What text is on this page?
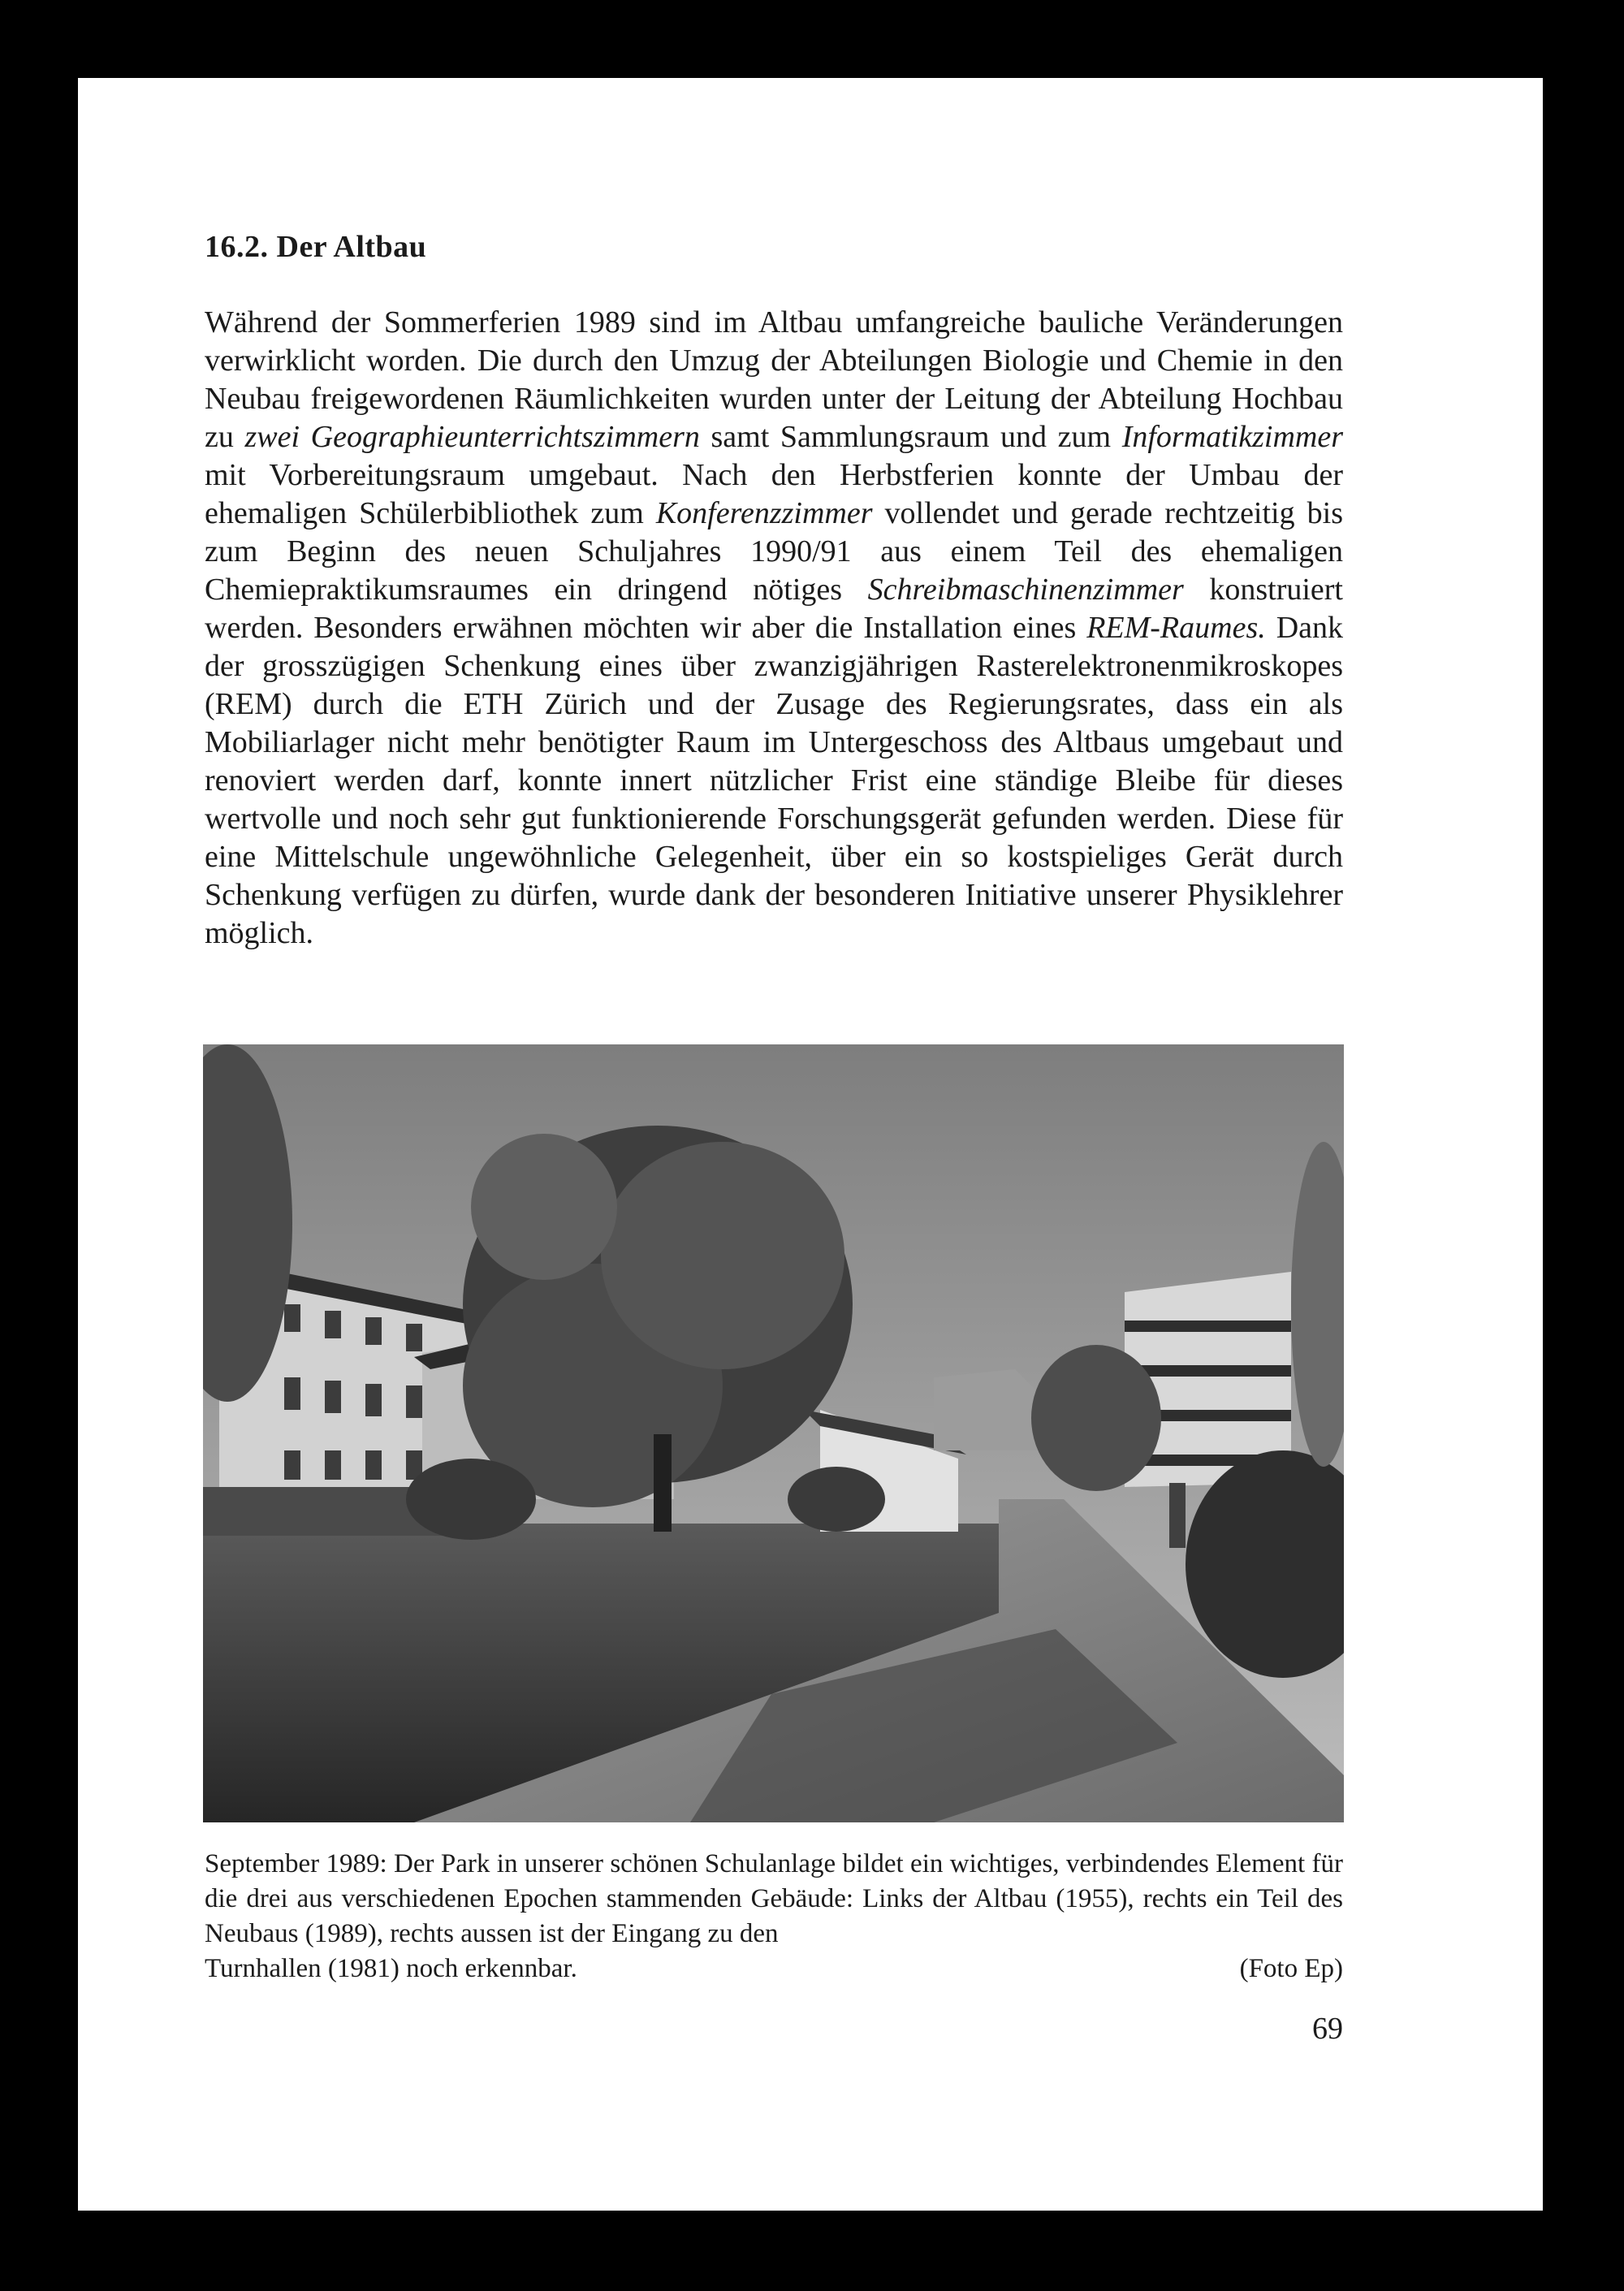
16.2. Der Altbau
Während der Sommerferien 1989 sind im Altbau umfangreiche bauliche Veränderungen verwirklicht worden. Die durch den Umzug der Abteilungen Biologie und Chemie in den Neubau freigewordenen Räumlichkeiten wurden unter der Leitung der Abteilung Hochbau zu zwei Geographieunterrichtszimmern samt Sammlungsraum und zum Informatikzimmer mit Vorbereitungsraum umgebaut. Nach den Herbstferien konnte der Umbau der ehemaligen Schülerbibliothek zum Konferenzzimmer vollendet und gerade rechtzeitig bis zum Beginn des neuen Schuljahres 1990/91 aus einem Teil des ehemaligen Chemiepraktikumsraumes ein dringend nötiges Schreibmaschinenzimmer konstruiert werden. Besonders erwähnen möchten wir aber die Installation eines REM-Raumes. Dank der grosszügigen Schenkung eines über zwanzigjährigen Rasterelektronenmikroskopes (REM) durch die ETH Zürich und der Zusage des Regierungsrates, dass ein als Mobiliarlager nicht mehr benötigter Raum im Untergeschoss des Altbaus umgebaut und renoviert werden darf, konnte innert nützlicher Frist eine ständige Bleibe für dieses wertvolle und noch sehr gut funktionierende Forschungsgerät gefunden werden. Diese für eine Mittelschule ungewöhnliche Gelegenheit, über ein so kostspieliges Gerät durch Schenkung verfügen zu dürfen, wurde dank der besonderen Initiative unserer Physiklehrer möglich.
September 1989: Der Park in unserer schönen Schulanlage bildet ein wichtiges, verbindendes Element für die drei aus verschiedenen Epochen stammenden Gebäude: Links der Altbau (1955), rechts ein Teil des Neubaus (1989), rechts aussen ist der Eingang zu den
Turnhallen (1981) noch erkennbar.	(Foto Ep)
69
